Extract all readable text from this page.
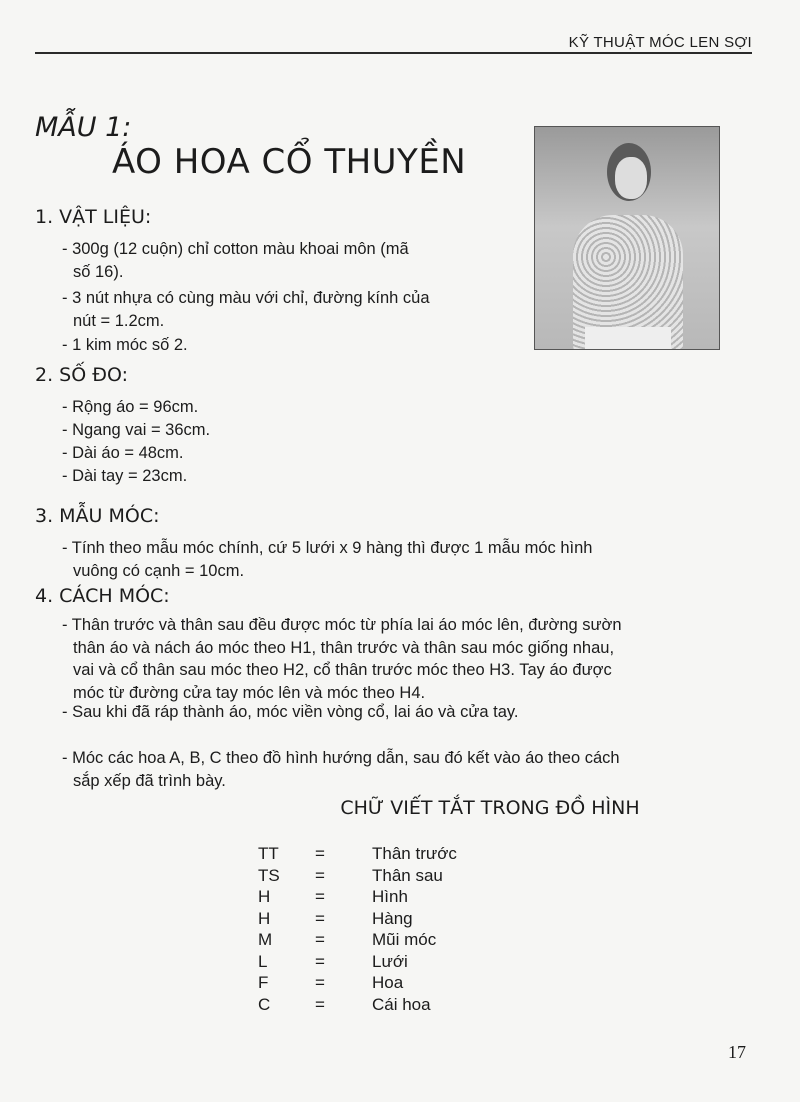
KỸ THUẬT MÓC LEN SỢI
MẪU 1:
ÁO HOA CỔ THUYỀN
1. VẬT LIỆU:
- 300g (12 cuộn) chỉ cotton màu khoai môn (mã
số 16).
- 3 nút nhựa có cùng màu với chỉ, đường kính của
nút = 1.2cm.
- 1 kim móc số 2.
2. SỐ ĐO:
- Rộng áo = 96cm.
- Ngang vai = 36cm.
- Dài áo = 48cm.
- Dài tay = 23cm.
3. MẪU MÓC:
- Tính theo mẫu móc chính, cứ 5 lưới x 9 hàng thì được 1 mẫu móc hình
vuông có cạnh = 10cm.
4. CÁCH MÓC:
- Thân trước và thân sau đều được móc từ phía lai áo móc lên, đường sườn
thân áo và nách áo móc theo H1, thân trước và thân sau móc giống nhau,
vai và cổ thân sau móc theo H2, cổ thân trước móc theo H3. Tay áo được
móc từ đường cửa tay móc lên và móc theo H4.
- Sau khi đã ráp thành áo, móc viền vòng cổ, lai áo và cửa tay.
- Móc các hoa A, B, C theo đồ hình hướng dẫn, sau đó kết vào áo theo cách
sắp xếp đã trình bày.
CHỮ VIẾT TẮT TRONG ĐỒ HÌNH
TT	=	Thân trước
TS	=	Thân sau
H	=	Hình
H	=	Hàng
M	=	Mũi móc
L	=	Lưới
F	=	Hoa
C	=	Cái hoa
17
